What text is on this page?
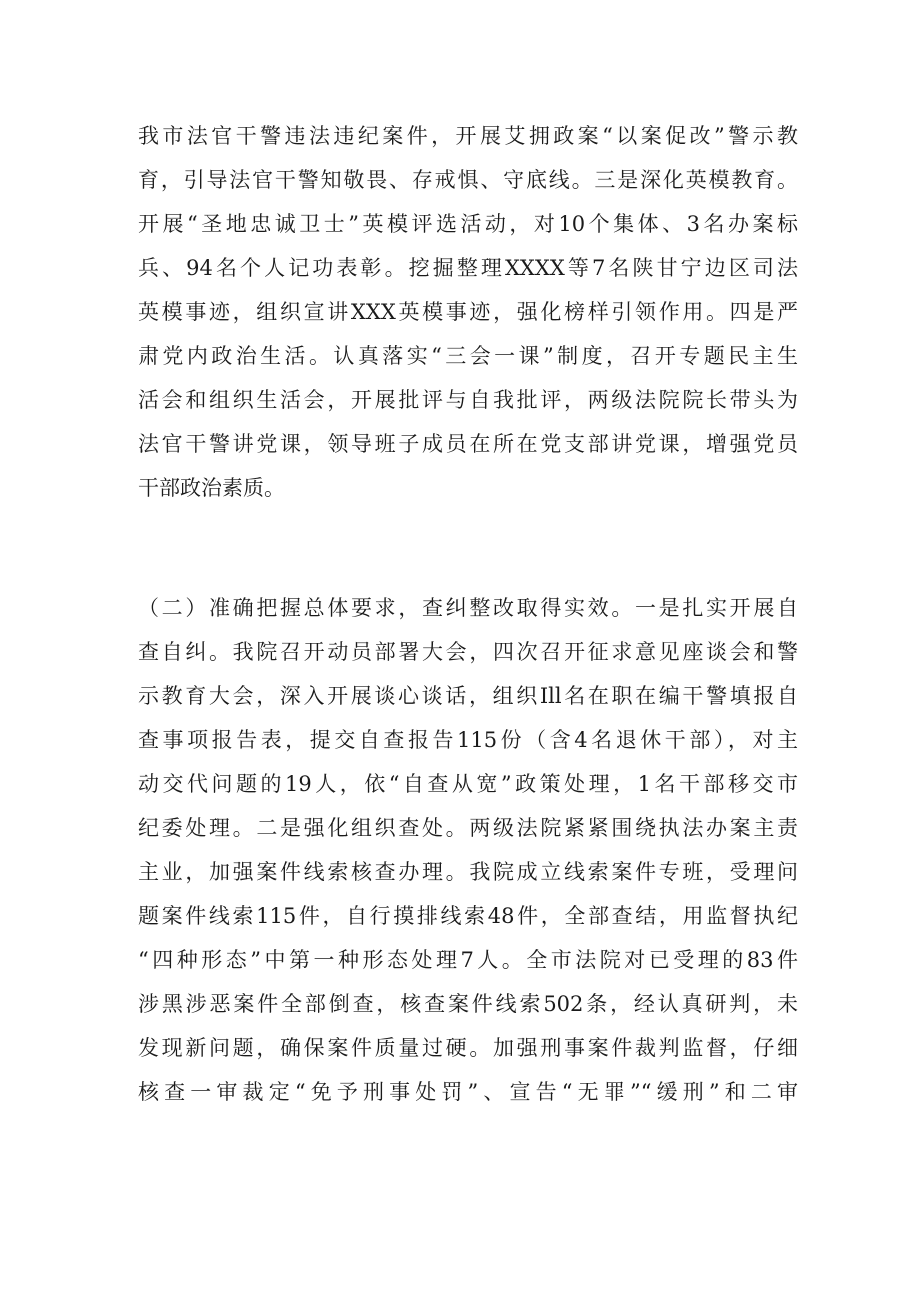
我市法官干警违法违纪案件，开展艾拥政案“以案促改”警示教
育，引导法官干警知敬畏、存戒惧、守底线。三是深化英模教育。
开展“圣地忠诚卫士”英模评选活动，对10个集体、3名办案标
兵、94名个人记功表彰。挖掘整理XXXX等7名陕甘宁边区司法
英模事迹，组织宣讲XXX英模事迹，强化榜样引领作用。四是严
肃党内政治生活。认真落实“三会一课”制度，召开专题民主生
活会和组织生活会，开展批评与自我批评，两级法院院长带头为
法官干警讲党课，领导班子成员在所在党支部讲党课，增强党员
干部政治素质。

（二）准确把握总体要求，查纠整改取得实效。一是扎实开展自
查自纠。我院召开动员部署大会，四次召开征求意见座谈会和警
示教育大会，深入开展谈心谈话，组织Ill名在职在编干警填报自
查事项报告表，提交自查报告115份（含4名退休干部），对主
动交代问题的19人，依“自查从宽”政策处理，1名干部移交市
纪委处理。二是强化组织查处。两级法院紧紧围绕执法办案主责
主业，加强案件线索核查办理。我院成立线索案件专班，受理问
题案件线索115件，自行摸排线索48件，全部查结，用监督执纪
“四种形态”中第一种形态处理7人。全市法院对已受理的83件
涉黑涉恶案件全部倒查，核查案件线索502条，经认真研判，未
发现新问题，确保案件质量过硬。加强刑事案件裁判监督，仔细
核查一审裁定“免予刑事处罚”、宣告“无罪”“缓刑”和二审
